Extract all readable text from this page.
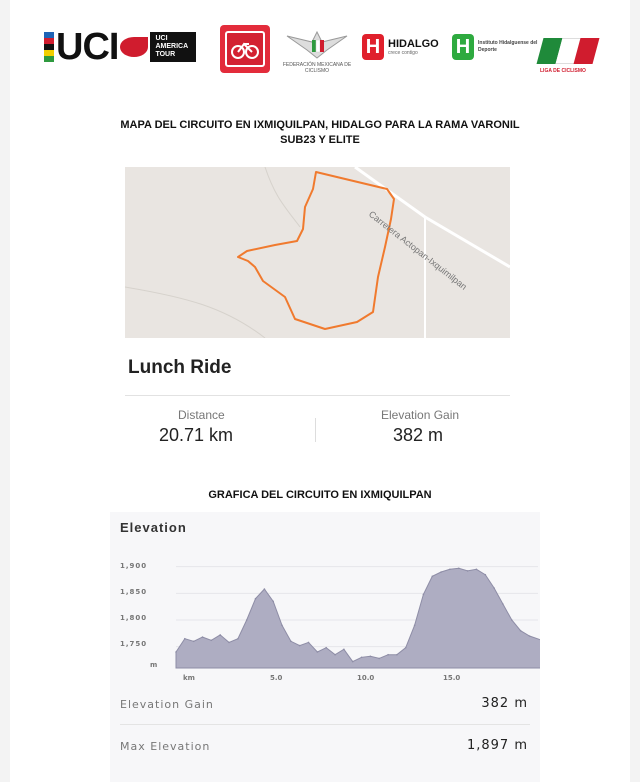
UCI	UCI
AMERICA
TOUR
FEDERACIÓN MEXICANA DE CICLISMO
H HIDALGO
crece contigo	H	Instituto Hidalguense del Deporte
LIGA DE CICLISMO
MAPA DEL CIRCUITO EN IXMIQUILPAN, HIDALGO PARA LA RAMA VARONIL
SUB23 Y ELITE
Carretera Actopan-Ixquimilpan
Lunch Ride
Distance
20.71 km
Elevation Gain
382 m
GRAFICA DEL CIRCUITO EN IXMIQUILPAN
Elevation
1,900
1,850
1,800
1,750
m
km	5.0	10.0	15.0
Elevation Gain	382 m
Max Elevation	1,897 m
